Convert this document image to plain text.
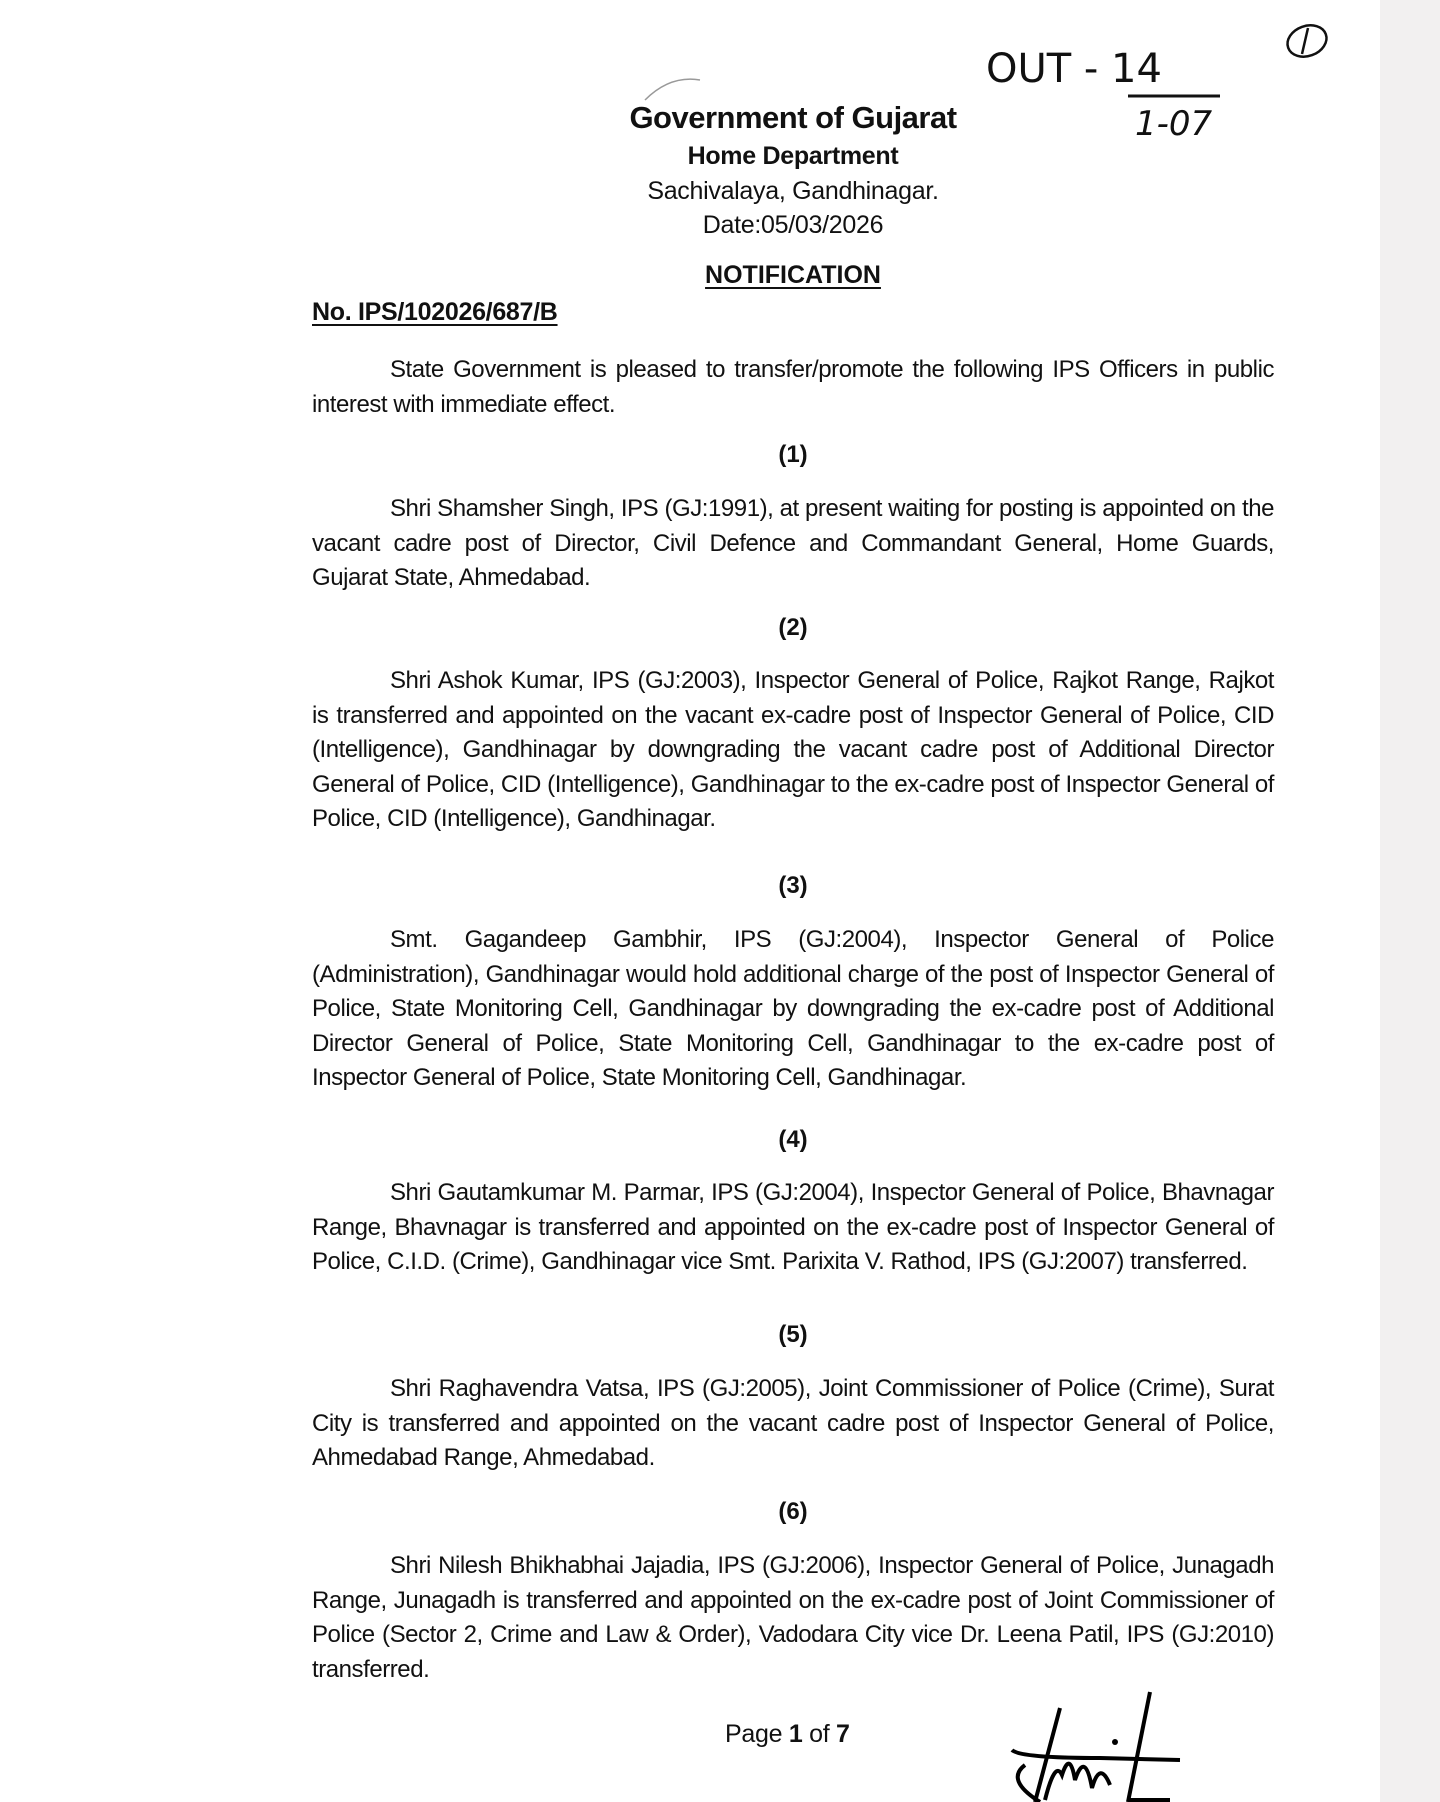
OUT - 14
1-07
Government of Gujarat
Home Department
Sachivalaya, Gandhinagar.
Date:05/03/2026
NOTIFICATION
No. IPS/102026/687/B
State Government is pleased to transfer/promote the following IPS Officers in public interest with immediate effect.
(1)
Shri Shamsher Singh, IPS (GJ:1991), at present waiting for posting is appointed on the vacant cadre post of Director, Civil Defence and Commandant General, Home Guards, Gujarat State, Ahmedabad.
(2)
Shri Ashok Kumar, IPS (GJ:2003), Inspector General of Police, Rajkot Range, Rajkot is transferred and appointed on the vacant ex-cadre post of Inspector General of Police, CID (Intelligence), Gandhinagar by downgrading the vacant cadre post of Additional Director General of Police, CID (Intelligence), Gandhinagar to the ex-cadre post of Inspector General of Police, CID (Intelligence), Gandhinagar.
(3)
Smt. Gagandeep Gambhir, IPS (GJ:2004), Inspector General of Police (Administration), Gandhinagar would hold additional charge of the post of Inspector General of Police, State Monitoring Cell, Gandhinagar by downgrading the ex-cadre post of Additional Director General of Police, State Monitoring Cell, Gandhinagar to the ex-cadre post of Inspector General of Police, State Monitoring Cell, Gandhinagar.
(4)
Shri Gautamkumar M. Parmar, IPS (GJ:2004), Inspector General of Police, Bhavnagar Range, Bhavnagar is transferred and appointed on the ex-cadre post of Inspector General of Police, C.I.D. (Crime), Gandhinagar vice Smt. Parixita V. Rathod, IPS (GJ:2007) transferred.
(5)
Shri Raghavendra Vatsa, IPS (GJ:2005), Joint Commissioner of Police (Crime), Surat City is transferred and appointed on the vacant cadre post of Inspector General of Police, Ahmedabad Range, Ahmedabad.
(6)
Shri Nilesh Bhikhabhai Jajadia, IPS (GJ:2006), Inspector General of Police, Junagadh Range, Junagadh is transferred and appointed on the ex-cadre post of Joint Commissioner of Police (Sector 2, Crime and Law & Order), Vadodara City vice Dr. Leena Patil, IPS (GJ:2010) transferred.
Page 1 of 7
